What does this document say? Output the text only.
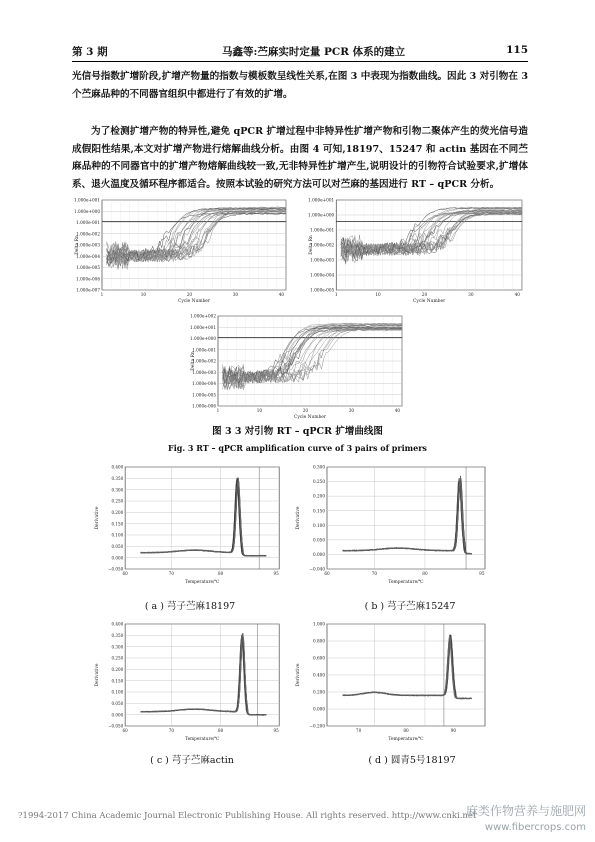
第 3 期	马鑫等:苎麻实时定量 PCR 体系的建立	115
光信号指数扩增阶段,扩增产物量的指数与模板数呈线性关系,在图 3 中表现为指数曲线。因此 3 对引物在 3 个苎麻品种的不同器官组织中都进行了有效的扩增。
为了检测扩增产物的特异性,避免 qPCR 扩增过程中非特异性扩增产物和引物二聚体产生的荧光信号造成假阳性结果,本文对扩增产物进行熔解曲线分析。由图 4 可知,18197、15247 和 actin 基因在不同苎麻品种的不同器官中的扩增产物熔解曲线较一致,无非特异性扩增产生,说明设计的引物符合试验要求,扩增体系、退火温度及循环程序都适合。按照本试验的研究方法可以对苎麻的基因进行 RT – qPCR 分析。
1.000e+001
1.000e+000
1.000e-001
1.000e-002
1.000e-003
1.000e-004
1.000e-005
1.000e-006
1.000e-007
1	10	20	30	40
Delta Rn
Cycle Number
1.000e+001
1.000e+000
1.000e-001
1.000e-002
1.000e-003
1.000e-004
1.000e-005
1	10	20	30	40
Delta Rn
Cycle Number
1.000e+002
1.000e+001
1.000e+000
1.000e-001
1.000e-002
1.000e-003
1.000e-004
1.000e-005
1.000e-006
1	10	20	30	40
Delta Rn
Cycle Number
图 3 3 对引物 RT – qPCR 扩增曲线图
Fig. 3 RT – qPCR amplification curve of 3 pairs of primers
0.400
0.350
0.300
0.250
0.200
0.150
0.100
0.050
0.000
−0.050
60	70	80	95
Derivative
Temperature/℃
0.300
0.250
0.200
0.150
0.100
0.050
0.000
−0.040
60	70	80	95
Derivative
Temperature/℃
0.400
0.350
0.300
0.250
0.200
0.150
0.100
0.050
0.000
−0.050
60	70	80	95
Derivative
Temperature/℃
1.000
0.800
0.600
0.400
0.200
0.000
−0.200
70	80	90
Derivative
Temperature/℃
( a ) 芎子苎麻18197	( b ) 芎子苎麻15247
( c ) 芎子苎麻actin	( d ) 圆青5号18197
?1994-2017 China Academic Journal Electronic Publishing House. All rights reserved. http://www.cnki.net
麻类作物营养与施肥网
www.fibercrops.com
